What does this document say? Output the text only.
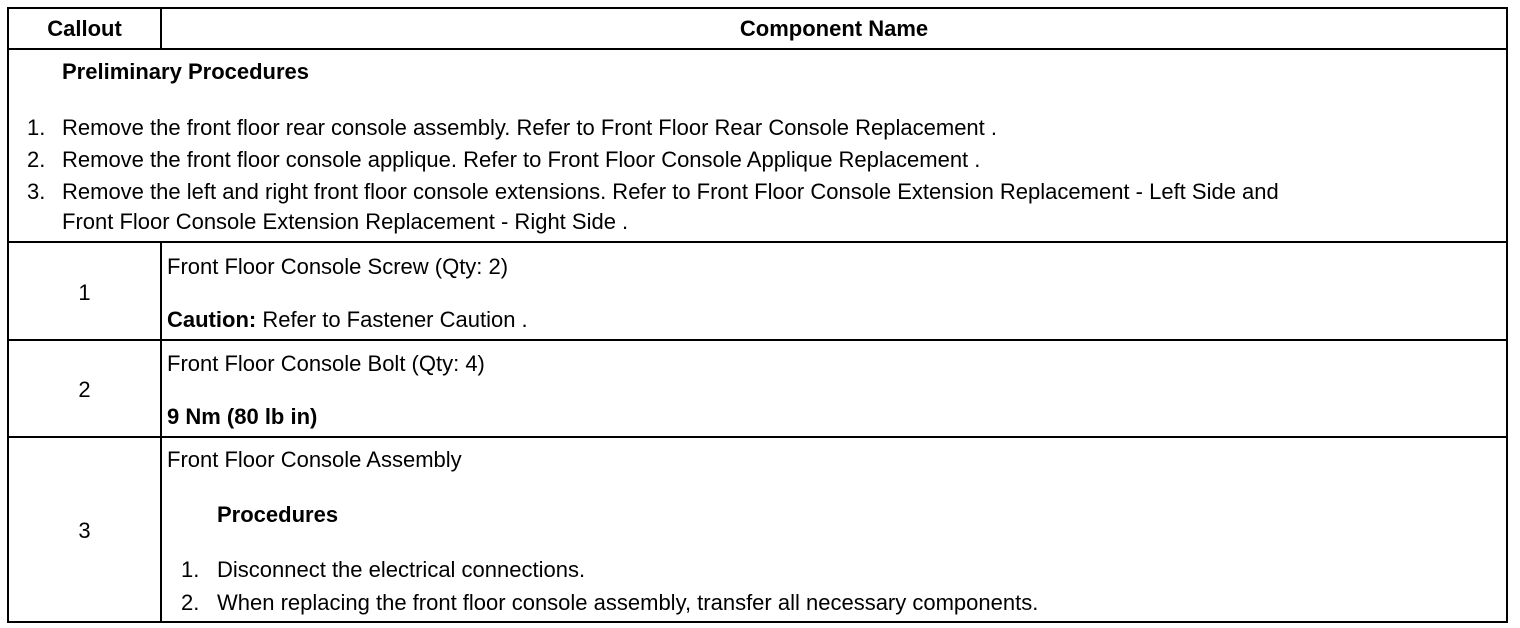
Callout	Component Name
Preliminary Procedures
1. Remove the front floor rear console assembly. Refer to Front Floor Rear Console Replacement .
2. Remove the front floor console applique. Refer to Front Floor Console Applique Replacement .
3. Remove the left and right front floor console extensions. Refer to Front Floor Console Extension Replacement - Left Side and
Front Floor Console Extension Replacement - Right Side .
1
Front Floor Console Screw (Qty: 2)
Caution: Refer to Fastener Caution .
2
Front Floor Console Bolt (Qty: 4)
9 Nm (80 lb in)
3
Front Floor Console Assembly
Procedures
1. Disconnect the electrical connections.
2. When replacing the front floor console assembly, transfer all necessary components.
